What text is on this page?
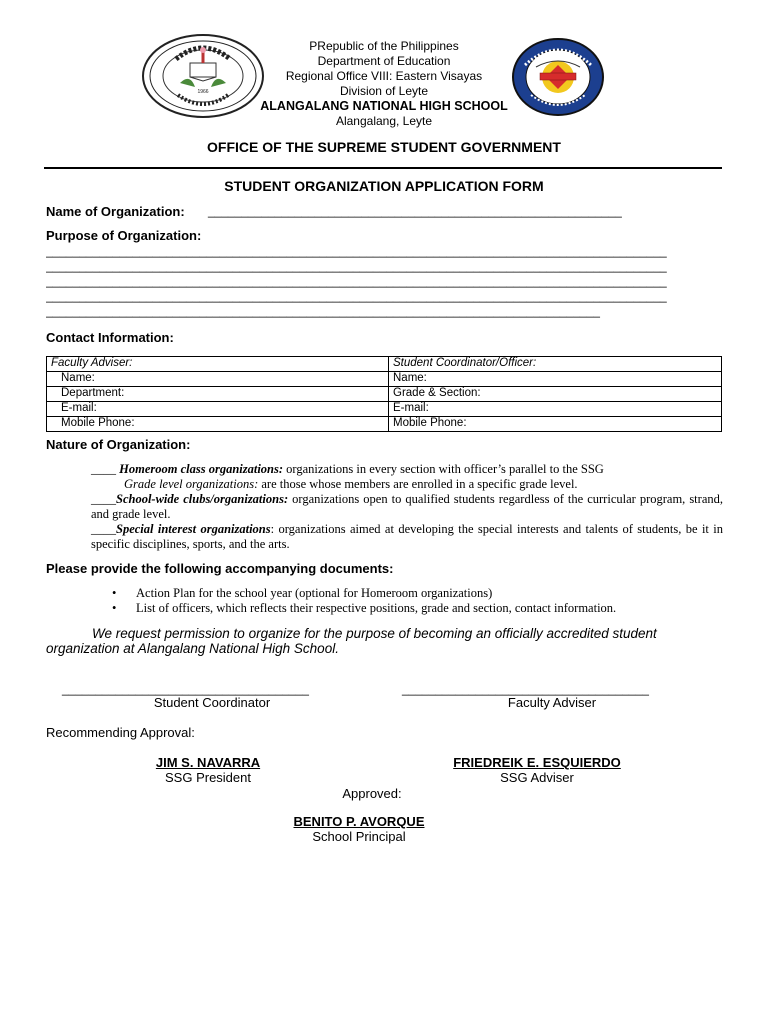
1966
PRepublic of the Philippines
Department of Education
Regional Office VIII: Eastern Visayas
Division of Leyte
ALANGALANG NATIONAL HIGH SCHOOL
Alangalang, Leyte
OFFICE OF THE SUPREME STUDENT GOVERNMENT
STUDENT ORGANIZATION APPLICATION FORM
Name of Organization: ______________________________________________________________
Purpose of Organization:
_____________________________________________________________________________________________
_____________________________________________________________________________________________
_____________________________________________________________________________________________
_____________________________________________________________________________________________
___________________________________________________________________________________
Contact Information:
Faculty Adviser:	Student Coordinator/Officer:
Name:	Name:
Department:	Grade & Section:
E-mail:	E-mail:
Mobile Phone:	Mobile Phone:
Nature of Organization:
____ Homeroom class organizations: organizations in every section with officer’s parallel to the SSG
Grade level organizations: are those whose members are enrolled in a specific grade level.
____School-wide clubs/organizations: organizations open to qualified students regardless of the curricular program, strand, and grade level.
____Special interest organizations: organizations aimed at developing the special interests and talents of students, be it in specific disciplines, sports, and the arts.
Please provide the following accompanying documents:
• Action Plan for the school year (optional for Homeroom organizations)
• List of officers, which reflects their respective positions, grade and section, contact information.
We request permission to organize for the purpose of becoming an officially accredited student
organization at Alangalang National High School.
_____________________________________
Student Coordinator
_____________________________________
Faculty Adviser
Recommending Approval:
JIM S. NAVARRA
SSG President
FRIEDREIK E. ESQUIERDO
SSG Adviser
Approved:
BENITO P. AVORQUE
School Principal
